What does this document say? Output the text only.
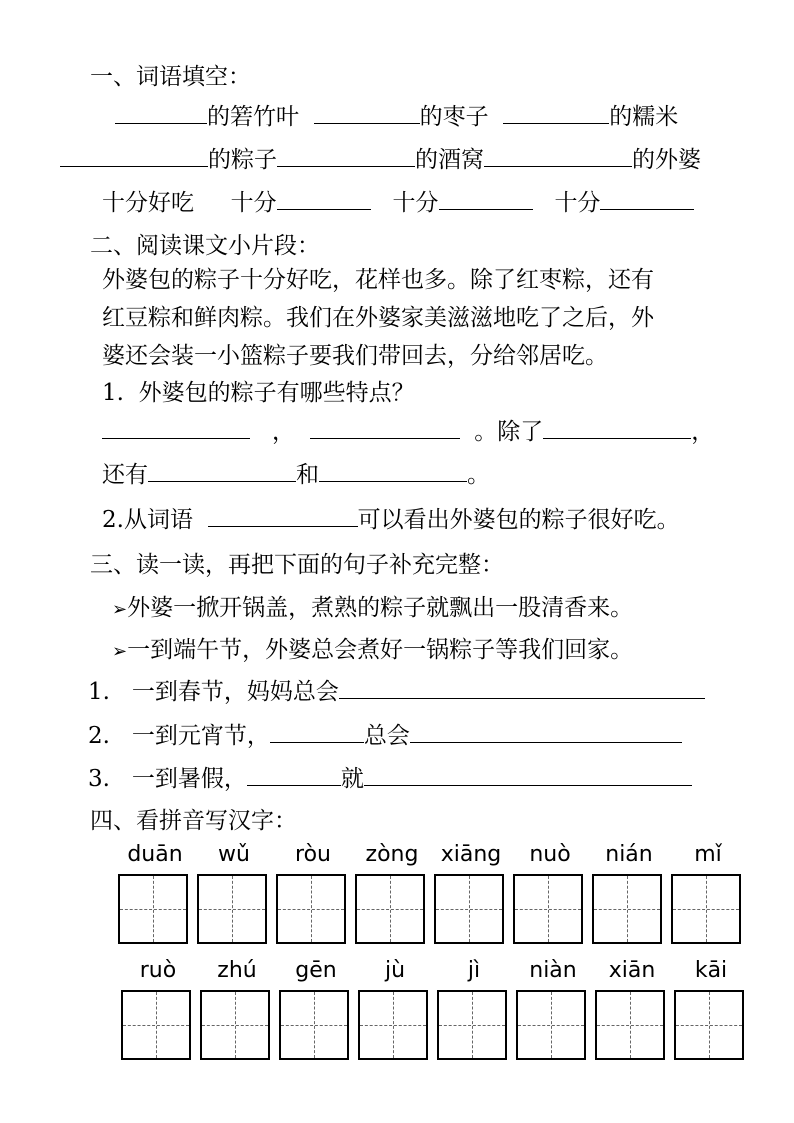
一、词语填空：
的箬竹叶	的枣子	的糯米
的粽子	的酒窝	的外婆
十分好吃 十分	十分	十分
二、阅读课文小片段：
外婆包的粽子十分好吃，花样也多。除了红枣粽，还有
红豆粽和鲜肉粽。我们在外婆家美滋滋地吃了之后，外
婆还会装一小篮粽子要我们带回去，分给邻居吃。
1.  外婆包的粽子有哪些特点？
，	。除了	，
还有	和	。
2.从词语	可以看出外婆包的粽子很好吃。
三、读一读，再把下面的句子补充完整：
➢外婆一掀开锅盖，煮熟的粽子就飘出一股清香来。
➢一到端午节，外婆总会煮好一锅粽子等我们回家。
1. 一到春节，妈妈总会
2. 一到元宵节，	总会
3. 一到暑假，	就
四、看拼音写汉字：
duān	wǔ	ròu	zòng	xiāng	nuò	nián	mǐ
ruò	zhú	gēn	jù	jì	niàn	xiān	kāi
